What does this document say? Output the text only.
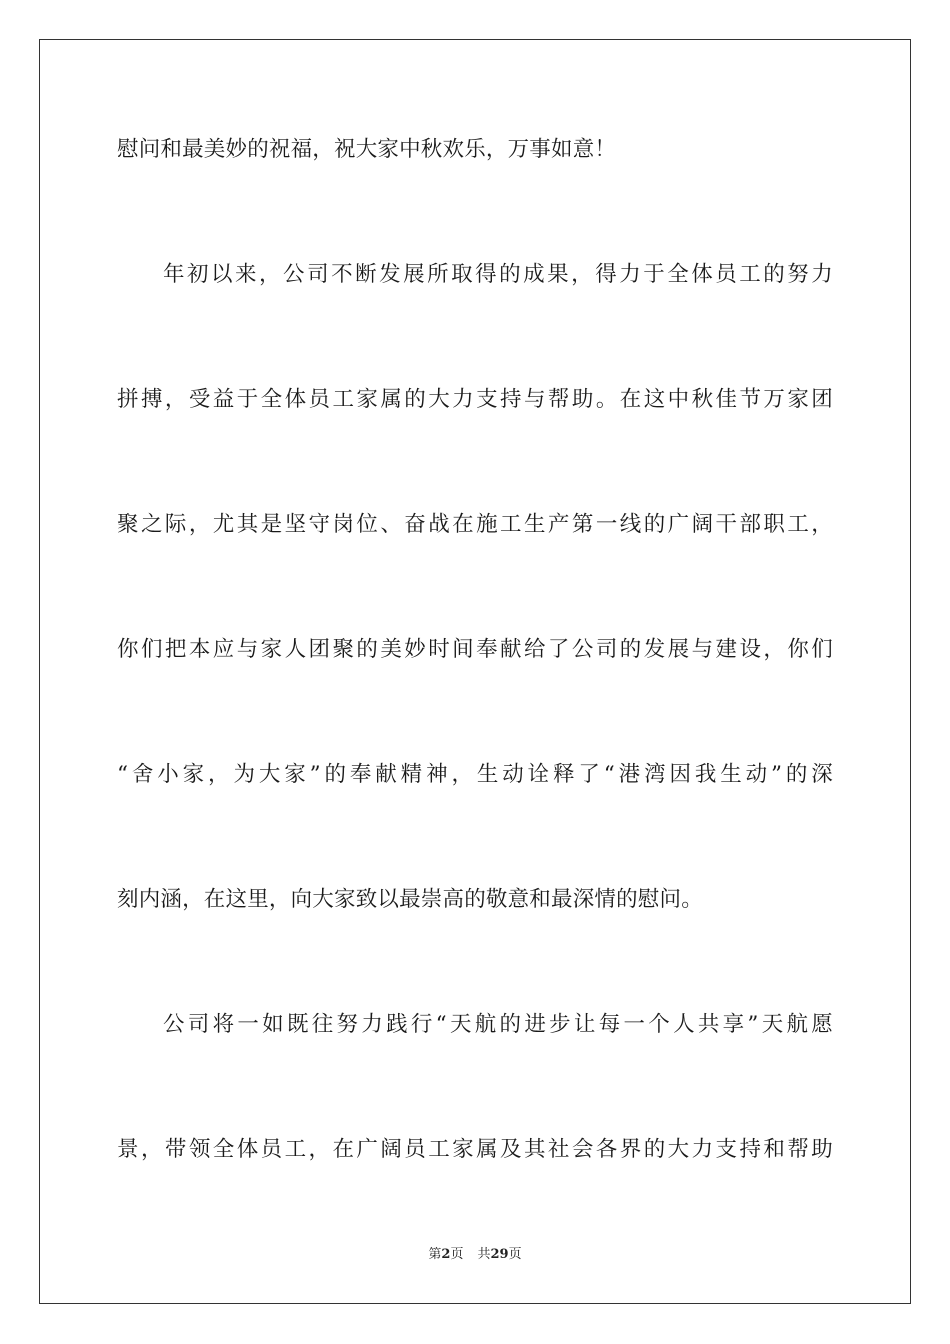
慰问和最美妙的祝福，祝大家中秋欢乐，万事如意！
年初以来，公司不断发展所取得的成果，得力于全体员工的努力
拼搏，受益于全体员工家属的大力支持与帮助。在这中秋佳节万家团
聚之际，尤其是坚守岗位、奋战在施工生产第一线的广阔干部职工，
你们把本应与家人团聚的美妙时间奉献给了公司的发展与建设，你们
“舍小家，为大家”的奉献精神，生动诠释了“港湾因我生动”的深
刻内涵，在这里，向大家致以最崇高的敬意和最深情的慰问。
公司将一如既往努力践行“天航的进步让每一个人共享”天航愿
景，带领全体员工，在广阔员工家属及其社会各界的大力支持和帮助
第2页 共29页
